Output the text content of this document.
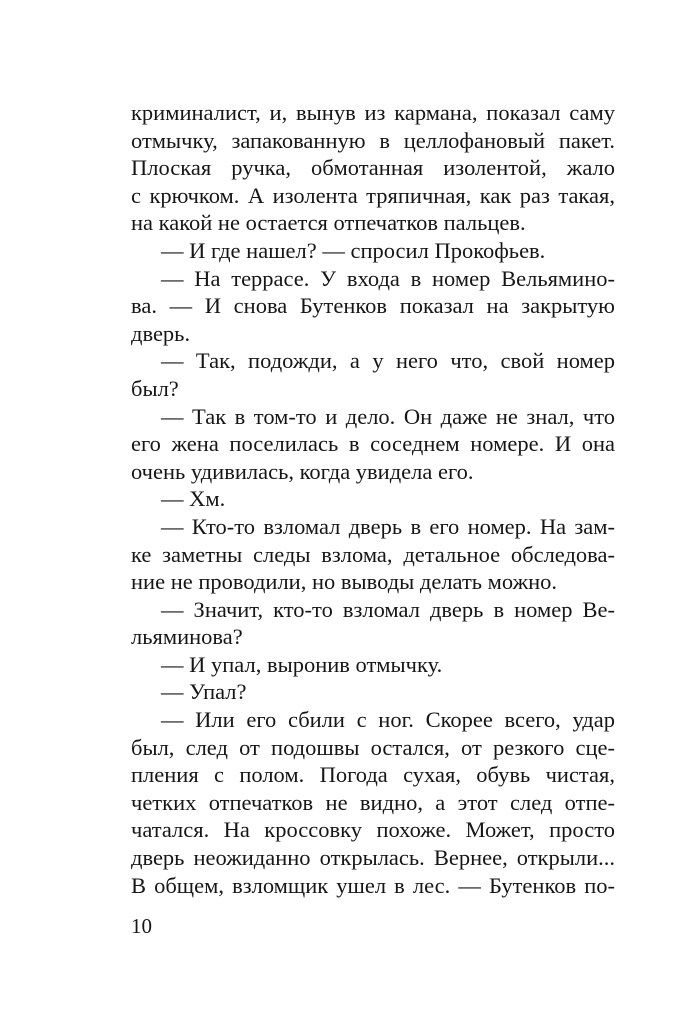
криминалист, и, вынув из кармана, показал саму
отмычку, запакованную в целлофановый пакет.
Плоская ручка, обмотанная изолентой, жало
с крючком. А изолента тряпичная, как раз такая,
на какой не остается отпечатков пальцев.
— И где нашел? — спросил Прокофьев.
— На террасе. У входа в номер Вельямино-
ва. — И снова Бутенков показал на закрытую
дверь.
— Так, подожди, а у него что, свой номер
был?
— Так в том-то и дело. Он даже не знал, что
его жена поселилась в соседнем номере. И она
очень удивилась, когда увидела его.
— Хм.
— Кто-то взломал дверь в его номер. На зам-
ке заметны следы взлома, детальное обследова-
ние не проводили, но выводы делать можно.
— Значит, кто-то взломал дверь в номер Ве-
льяминова?
— И упал, выронив отмычку.
— Упал?
— Или его сбили с ног. Скорее всего, удар
был, след от подошвы остался, от резкого сце-
пления с полом. Погода сухая, обувь чистая,
четких отпечатков не видно, а этот след отпе-
чатался. На кроссовку похоже. Может, просто
дверь неожиданно открылась. Вернее, открыли...
В общем, взломщик ушел в лес. — Бутенков по-
10
